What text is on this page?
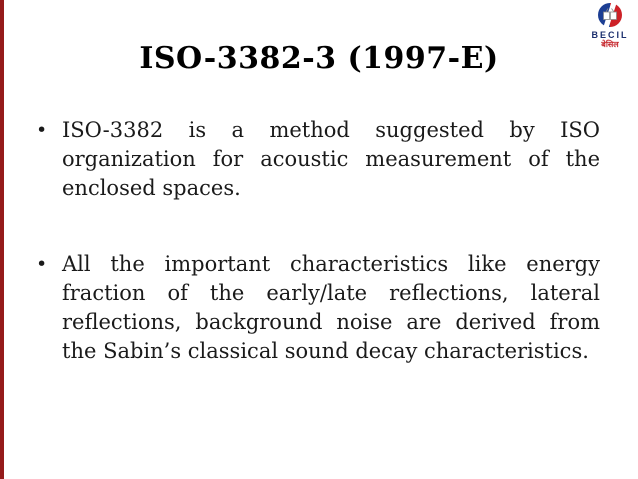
BECIL
बेसिल
ISO-3382-3 (1997-E)
• ISO-3382 is a method suggested by ISO organization for acoustic measurement of the enclosed spaces.
• All the important characteristics like energy fraction of the early/late reflections, lateral reflections, background noise are derived from the Sabin’s classical sound decay characteristics.
